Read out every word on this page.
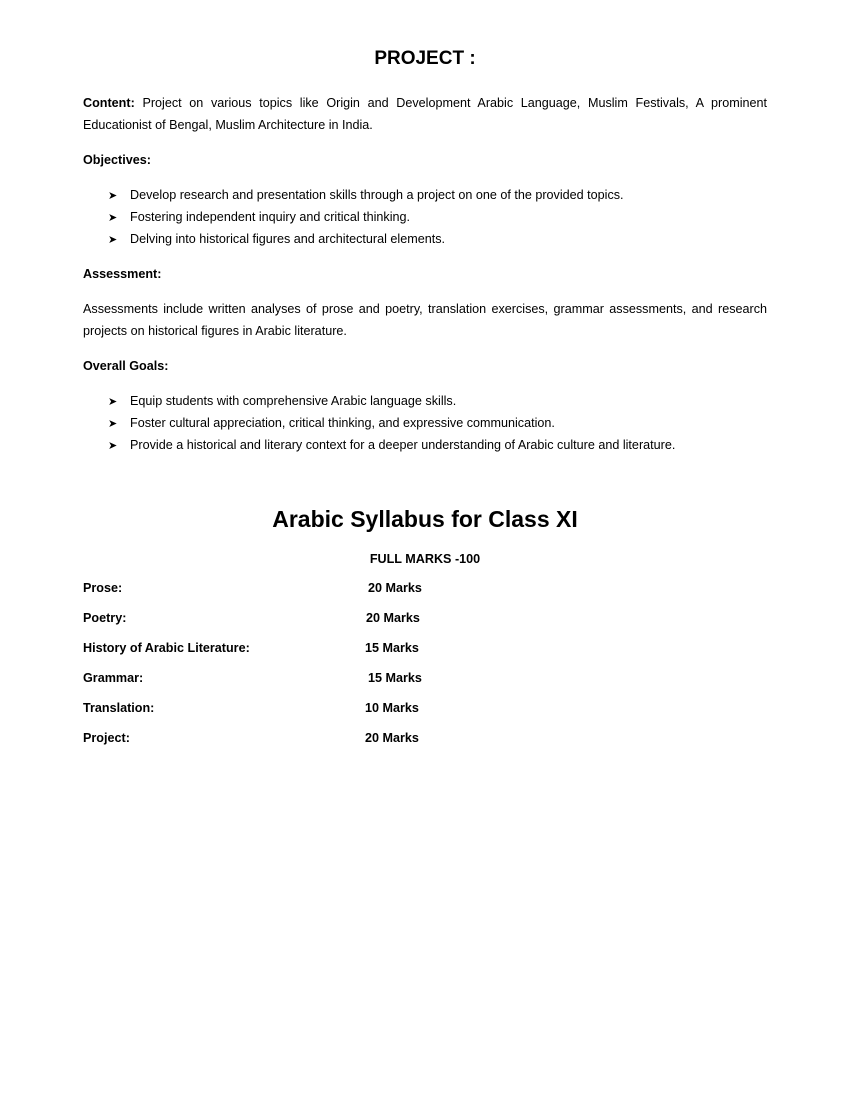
PROJECT :
Content: Project on various topics like Origin and Development Arabic Language, Muslim Festivals, A prominent Educationist of Bengal, Muslim Architecture in India.
Objectives:
➤ Develop research and presentation skills through a project on one of the provided topics.
➤ Fostering independent inquiry and critical thinking.
➤ Delving into historical figures and architectural elements.
Assessment:
Assessments include written analyses of prose and poetry, translation exercises, grammar assessments, and research projects on historical figures in Arabic literature.
Overall Goals:
➤ Equip students with comprehensive Arabic language skills.
➤ Foster cultural appreciation, critical thinking, and expressive communication.
➤ Provide a historical and literary context for a deeper understanding of Arabic culture and literature.
Arabic Syllabus for Class XI
FULL MARKS -100
Prose:	20 Marks
Poetry:	20 Marks
History of Arabic Literature:	15 Marks
Grammar:	15 Marks
Translation:	10 Marks
Project:	20 Marks
